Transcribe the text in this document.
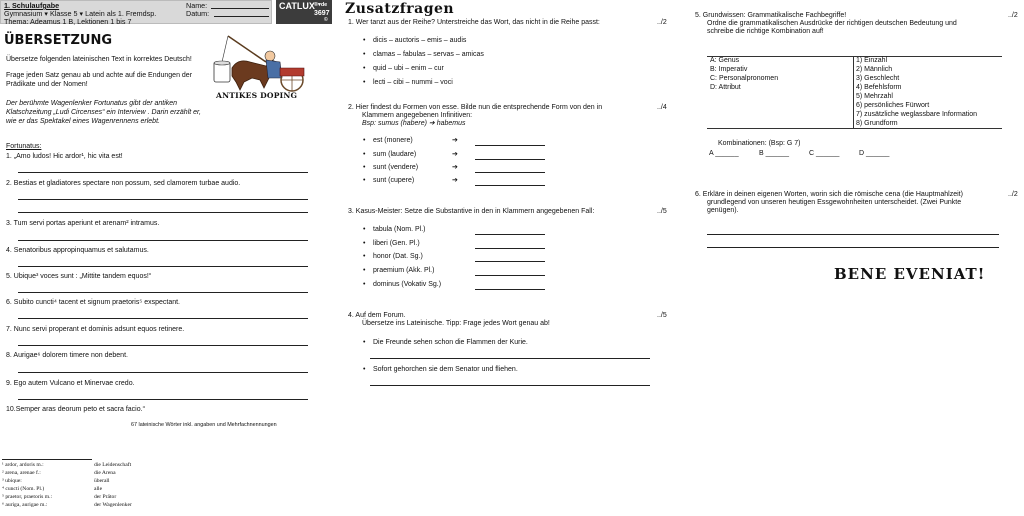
1. Schulaufgabe
Gymnasium ▾ Klasse 5 ▾ Latein als 1. Fremdsp.
Thema: Adeamus 1 B, Lektionen 1 bis 7
Name:
Datum:
CATLUX ®▾de
3697
©
ÜBERSETZUNG
Übersetze folgenden lateinischen Text in korrektes Deutsch!
Frage jeden Satz genau ab und achte auf die Endungen der Prädikate und der Nomen!
Der berühmte Wagenlenker Fortunatus gibt der antiken Klatschzeitung „Ludi Circenses“ ein Interview . Darin erzählt er, wie er das Spektakel eines Wagenrennens erlebt.
Fortunatus:
ANTIKES DOPING
1. „Amo ludos! Hic ardor¹, hic vita est!
2. Bestias et gladiatores spectare non possum, sed clamorem turbae audio.
3. Tum servi portas aperiunt et arenam² intramus.
4. Senatoribus appropinquamus et salutamus.
5. Ubique³ voces sunt : „Mittite tandem equos!“
6. Subito cuncti⁴ tacent et signum praetoris⁵ exspectant.
7. Nunc servi properant et dominis adsunt equos retinere.
8. Aurigae⁶ dolorem timere non debent.
9. Ego autem Vulcano et Minervae credo.
10.Semper aras deorum peto et sacra facio.“
67 lateinische Wörter inkl. angaben und Mehrfachnennungen
¹ ardor, ardoris m.:	die Leidenschaft
² arena, arenae f.:	die Arena
³ ubique:	überall
⁴ cuncti (Nom. Pl.)	alle
⁵ praetor, praetoris m.:	der Prätor
⁶ auriga, aurigae m.:	der Wagenlenker
Zusatzfragen
1. Wer tanzt aus der Reihe? Unterstreiche das Wort, das nicht in die Reihe passt:	../2
• dicis – auctoris – emis – audis
• clamas – fabulas – servas – amicas
• quid – ubi – enim – cur
• lecti – cibi – nummi – voci
2. Hier findest du Formen von esse. Bilde nun die entsprechende Form von den in
Klammern angegebenen Infinitiven:
Bsp: sumus (habere) ➔ habemus
../4
• est (monere)	➔
• sum (laudare)	➔
• sunt (vendere)	➔
• sunt (cupere)	➔
3. Kasus-Meister: Setze die Substantive in den in Klammern angegebenen Fall:	../5
• tabula (Nom. Pl.)
• liberi (Gen. Pl.)
• honor (Dat. Sg.)
• praemium (Akk. Pl.)
• dominus (Vokativ Sg.)
4. Auf dem Forum.
Übersetze ins Lateinische. Tipp: Frage jedes Wort genau ab!
../5
• Die Freunde sehen schon die Flammen der Kurie.
• Sofort gehorchen sie dem Senator und fliehen.
5. Grundwissen: Grammatikalische Fachbegriffe!
Ordne die grammatikalischen Ausdrücke der richtigen deutschen Bedeutung und
schreibe die richtige Kombination auf!
../2
A: Genus
B: Imperativ
C: Personalpronomen
D: Attribut
1) Einzahl
2) Männlich
3) Geschlecht
4) Befehlsform
5) Mehrzahl
6) persönliches Fürwort
7) zusätzliche weglassbare Information
8) Grundform
Kombinationen: (Bsp: G 7)
A ______	B ______	C ______	D ______
6. Erkläre in deinen eigenen Worten, worin sich die römische cena (die Hauptmahlzeit)
grundlegend von unseren heutigen Essgewohnheiten unterscheidet. (Zwei Punkte
genügen).
../2
BENE EVENIAT!
